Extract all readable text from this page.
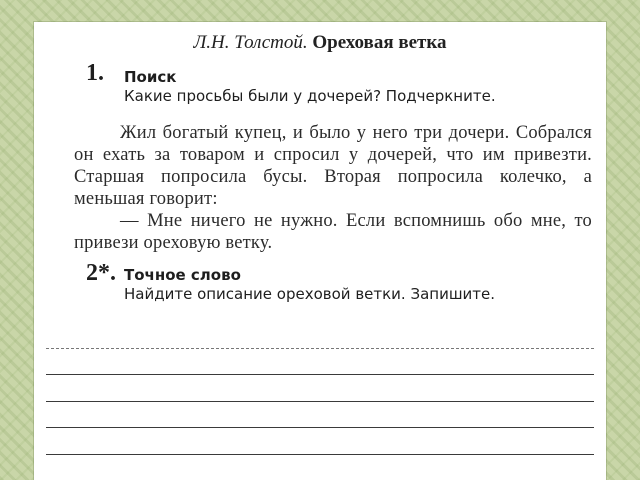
Л.Н. Толстой. Ореховая ветка
1. Поиск
Какие просьбы были у дочерей? Подчеркните.

Жил богатый купец, и было у него три дочери. Собрался он ехать за товаром и спросил у дочерей, что им привезти. Старшая попросила бусы. Вторая попросила колечко, а меньшая говорит:

— Мне ничего не нужно. Если вспомнишь обо мне, то привези ореховую ветку.

2*. Точное слово
Найдите описание ореховой ветки. Запишите.
